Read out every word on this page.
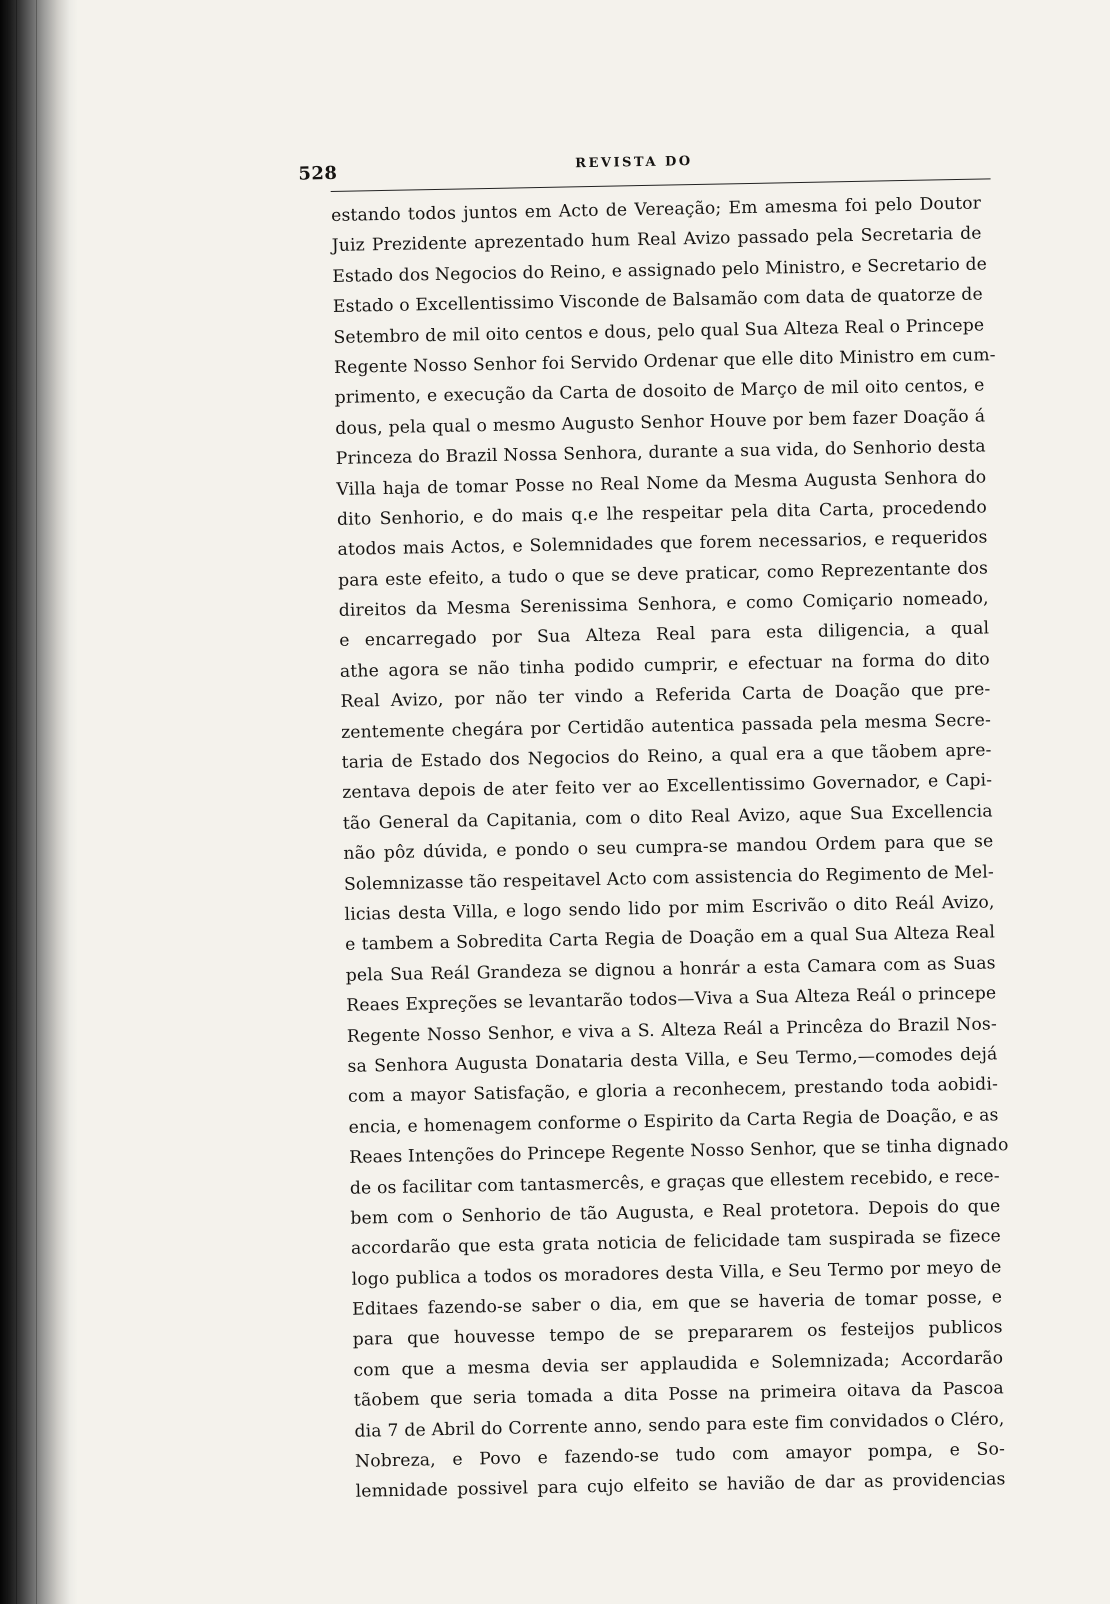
528
REVISTA DO
estando todos juntos em Acto de Vereação; Em amesma foi pelo Doutor
Juiz Prezidente aprezentado hum Real Avizo passado pela Secretaria de
Estado dos Negocios do Reino, e assignado pelo Ministro, e Secretario de
Estado o Excellentissimo Visconde de Balsamão com data de quatorze de
Setembro de mil oito centos e dous, pelo qual Sua Alteza Real o Princepe
Regente Nosso Senhor foi Servido Ordenar que elle dito Ministro em cum-
primento, e execução da Carta de dosoito de Março de mil oito centos, e
dous, pela qual o mesmo Augusto Senhor Houve por bem fazer Doação á
Princeza do Brazil Nossa Senhora, durante a sua vida, do Senhorio desta
Villa haja de tomar Posse no Real Nome da Mesma Augusta Senhora do
dito Senhorio, e do mais q.e lhe respeitar pela dita Carta, procedendo
atodos mais Actos, e Solemnidades que forem necessarios, e requeridos
para este efeito, a tudo o que se deve praticar, como Reprezentante dos
direitos da Mesma Serenissima Senhora, e como Comiçario nomeado,
e encarregado por Sua Alteza Real para esta diligencia, a qual
athe agora se não tinha podido cumprir, e efectuar na forma do dito
Real Avizo, por não ter vindo a Referida Carta de Doação que pre-
zentemente chegára por Certidão autentica passada pela mesma Secre-
taria de Estado dos Negocios do Reino, a qual era a que tãobem apre-
zentava depois de ater feito ver ao Excellentissimo Governador, e Capi-
tão General da Capitania, com o dito Real Avizo, aque Sua Excellencia
não pôz dúvida, e pondo o seu cumpra-se mandou Ordem para que se
Solemnizasse tão respeitavel Acto com assistencia do Regimento de Mel-
licias desta Villa, e logo sendo lido por mim Escrivão o dito Reál Avizo,
e tambem a Sobredita Carta Regia de Doação em a qual Sua Alteza Real
pela Sua Reál Grandeza se dignou a honrár a esta Camara com as Suas
Reaes Expreções se levantarão todos—Viva a Sua Alteza Reál o princepe
Regente Nosso Senhor, e viva a S. Alteza Reál a Princêza do Brazil Nos-
sa Senhora Augusta Donataria desta Villa, e Seu Termo,—comodes dejá
com a mayor Satisfação, e gloria a reconhecem, prestando toda aobidi-
encia, e homenagem conforme o Espirito da Carta Regia de Doação, e as
Reaes Intenções do Princepe Regente Nosso Senhor, que se tinha dignado
de os facilitar com tantasmercês, e graças que ellestem recebido, e rece-
bem com o Senhorio de tão Augusta, e Real protetora. Depois do que
accordarão que esta grata noticia de felicidade tam suspirada se fizece
logo publica a todos os moradores desta Villa, e Seu Termo por meyo de
Editaes fazendo-se saber o dia, em que se haveria de tomar posse, e
para que houvesse tempo de se prepararem os festeijos publicos
com que a mesma devia ser applaudida e Solemnizada; Accordarão
tãobem que seria tomada a dita Posse na primeira oitava da Pascoa
dia 7 de Abril do Corrente anno, sendo para este fim convidados o Cléro,
Nobreza, e Povo e fazendo-se tudo com amayor pompa, e So-
lemnidade possivel para cujo elfeito se havião de dar as providencias
